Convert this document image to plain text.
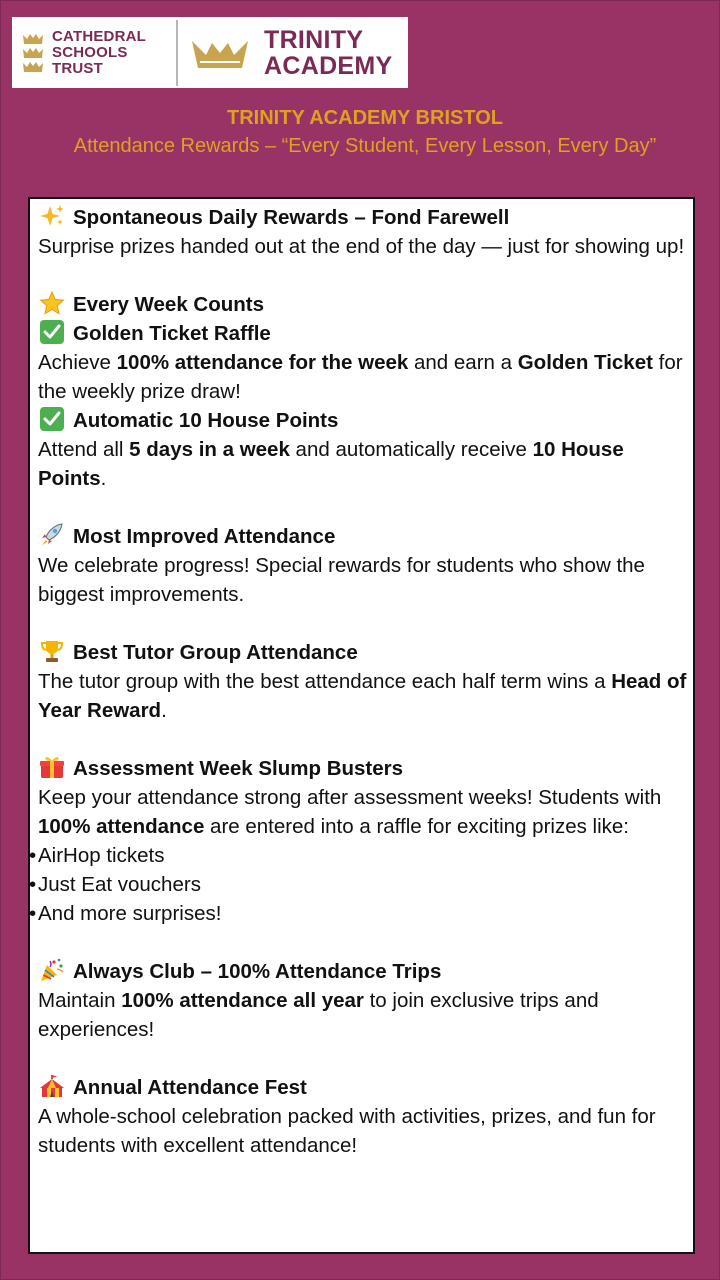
CATHEDRAL
SCHOOLS
TRUST
TRINITY
ACADEMY
TRINITY ACADEMY BRISTOL
Attendance Rewards – “Every Student, Every Lesson, Every Day”
Spontaneous Daily Rewards – Fond Farewell
Surprise prizes handed out at the end of the day — just for showing up!
Every Week Counts
Golden Ticket Raffle
Achieve 100% attendance for the week and earn a Golden Ticket for the weekly prize draw!
Automatic 10 House Points
Attend all 5 days in a week and automatically receive 10 House Points.
Most Improved Attendance
We celebrate progress! Special rewards for students who show the biggest improvements.
Best Tutor Group Attendance
The tutor group with the best attendance each half term wins a Head of Year Reward.
Assessment Week Slump Busters
Keep your attendance strong after assessment weeks! Students with 100% attendance are entered into a raffle for exciting prizes like:
• AirHop tickets
• Just Eat vouchers
• And more surprises!
Always Club – 100% Attendance Trips
Maintain 100% attendance all year to join exclusive trips and experiences!
Annual Attendance Fest
A whole-school celebration packed with activities, prizes, and fun for students with excellent attendance!
